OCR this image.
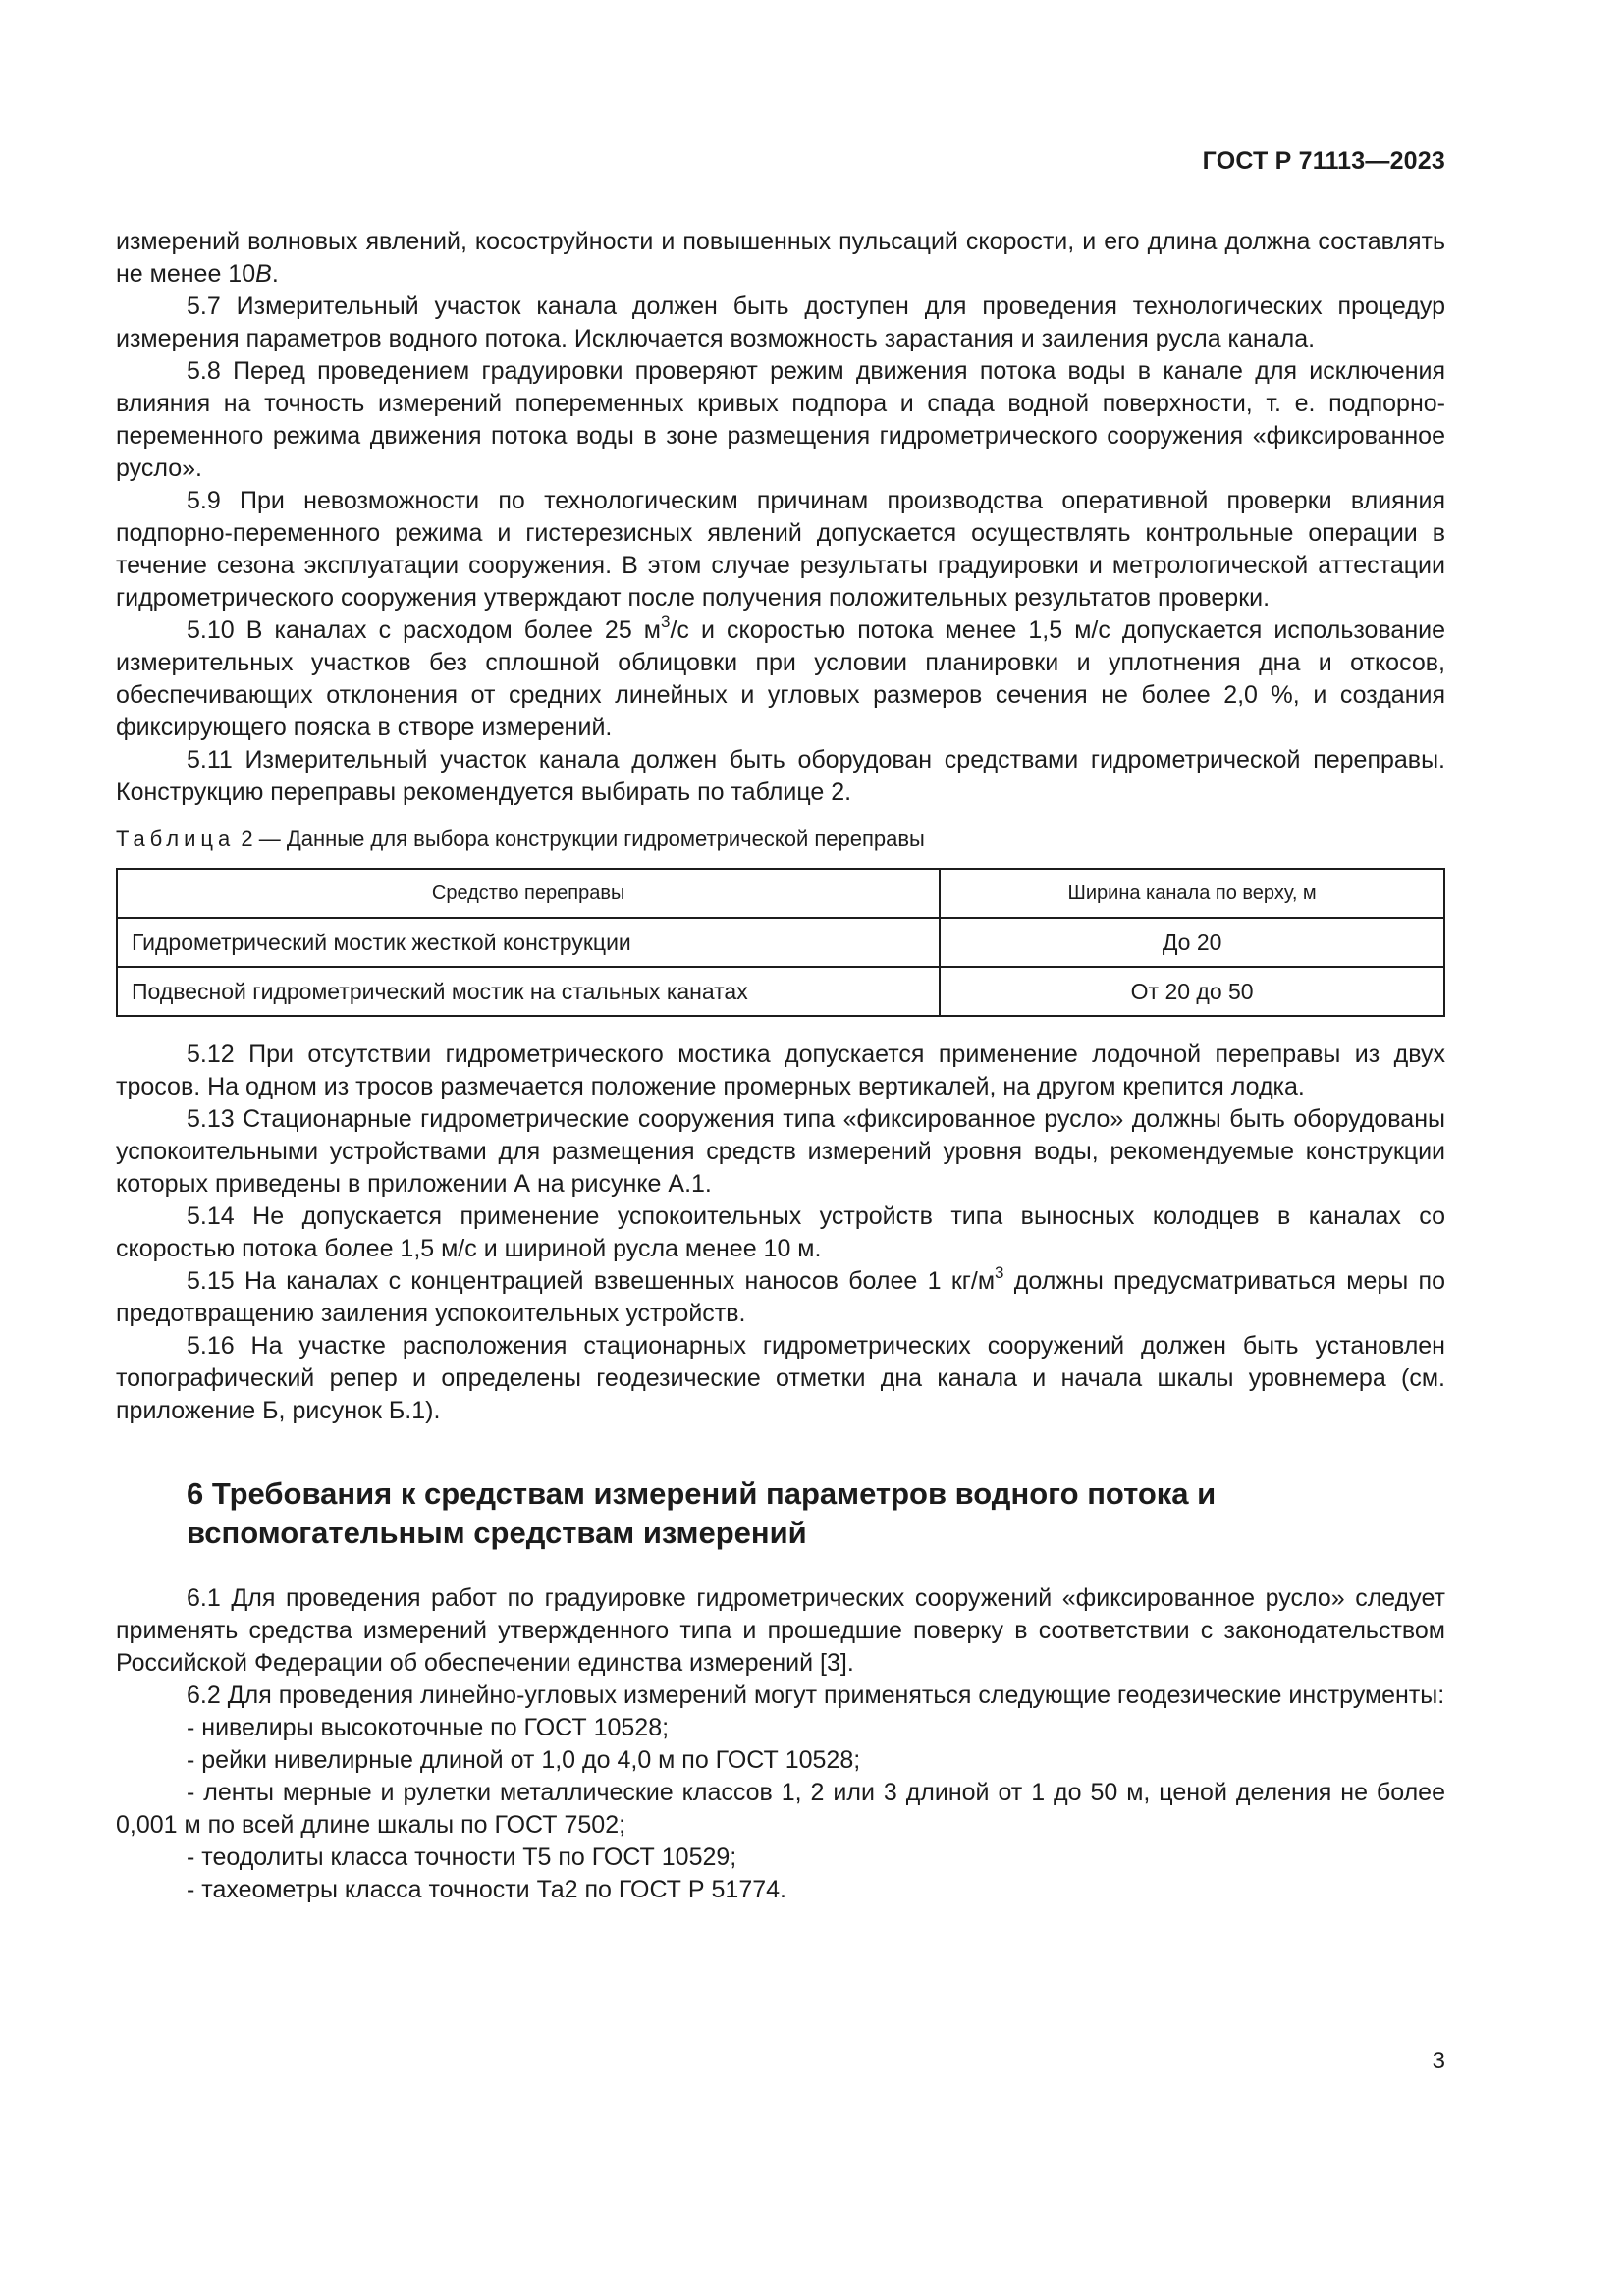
ГОСТ Р 71113—2023

измерений волновых явлений, косоструйности и повышенных пульсаций скорости, и его длина должна составлять не менее 10B.

5.7 Измерительный участок канала должен быть доступен для проведения технологических процедур измерения параметров водного потока. Исключается возможность зарастания и заиления русла канала.

5.8 Перед проведением градуировки проверяют режим движения потока воды в канале для исключения влияния на точность измерений попеременных кривых подпора и спада водной поверхности, т. е. подпорно-переменного режима движения потока воды в зоне размещения гидрометрического сооружения «фиксированное русло».

5.9 При невозможности по технологическим причинам производства оперативной проверки влияния подпорно-переменного режима и гистерезисных явлений допускается осуществлять контрольные операции в течение сезона эксплуатации сооружения. В этом случае результаты градуировки и метрологической аттестации гидрометрического сооружения утверждают после получения положительных результатов проверки.

5.10 В каналах с расходом более 25 $м^3/с$ и скоростью потока менее 1,5 м/с допускается использование измерительных участков без сплошной облицовки при условии планировки и уплотнения дна и откосов, обеспечивающих отклонения от средних линейных и угловых размеров сечения не более 2,0 %, и создания фиксирующего пояска в створе измерений.

5.11 Измерительный участок канала должен быть оборудован средствами гидрометрической переправы. Конструкцию переправы рекомендуется выбирать по таблице 2.

Таблица 2 — Данные для выбора конструкции гидрометрической переправы

Средство переправы	Ширина канала по верху, м
Гидрометрический мостик жесткой конструкции	До 20
Подвесной гидрометрический мостик на стальных канатах	От 20 до 50

5.12 При отсутствии гидрометрического мостика допускается применение лодочной переправы из двух тросов. На одном из тросов размечается положение промерных вертикалей, на другом крепится лодка.

5.13 Стационарные гидрометрические сооружения типа «фиксированное русло» должны быть оборудованы успокоительными устройствами для размещения средств измерений уровня воды, рекомендуемые конструкции которых приведены в приложении А на рисунке А.1.

5.14 Не допускается применение успокоительных устройств типа выносных колодцев в каналах со скоростью потока более 1,5 м/с и шириной русла менее 10 м.

5.15 На каналах с концентрацией взвешенных наносов более 1 $кг/м^3$ должны предусматриваться меры по предотвращению заиления успокоительных устройств.

5.16 На участке расположения стационарных гидрометрических сооружений должен быть установлен топографический репер и определены геодезические отметки дна канала и начала шкалы уровнемера (см. приложение Б, рисунок Б.1).

6 Требования к средствам измерений параметров водного потока и
вспомогательным средствам измерений

6.1 Для проведения работ по градуировке гидрометрических сооружений «фиксированное русло» следует применять средства измерений утвержденного типа и прошедшие поверку в соответствии с законодательством Российской Федерации об обеспечении единства измерений [3].

6.2 Для проведения линейно-угловых измерений могут применяться следующие геодезические инструменты:

- нивелиры высокоточные по ГОСТ 10528;

- рейки нивелирные длиной от 1,0 до 4,0 м по ГОСТ 10528;

- ленты мерные и рулетки металлические классов 1, 2 или 3 длиной от 1 до 50 м, ценой деления не более 0,001 м по всей длине шкалы по ГОСТ 7502;

- теодолиты класса точности Т5 по ГОСТ 10529;

- тахеометры класса точности Та2 по ГОСТ Р 51774.

3
